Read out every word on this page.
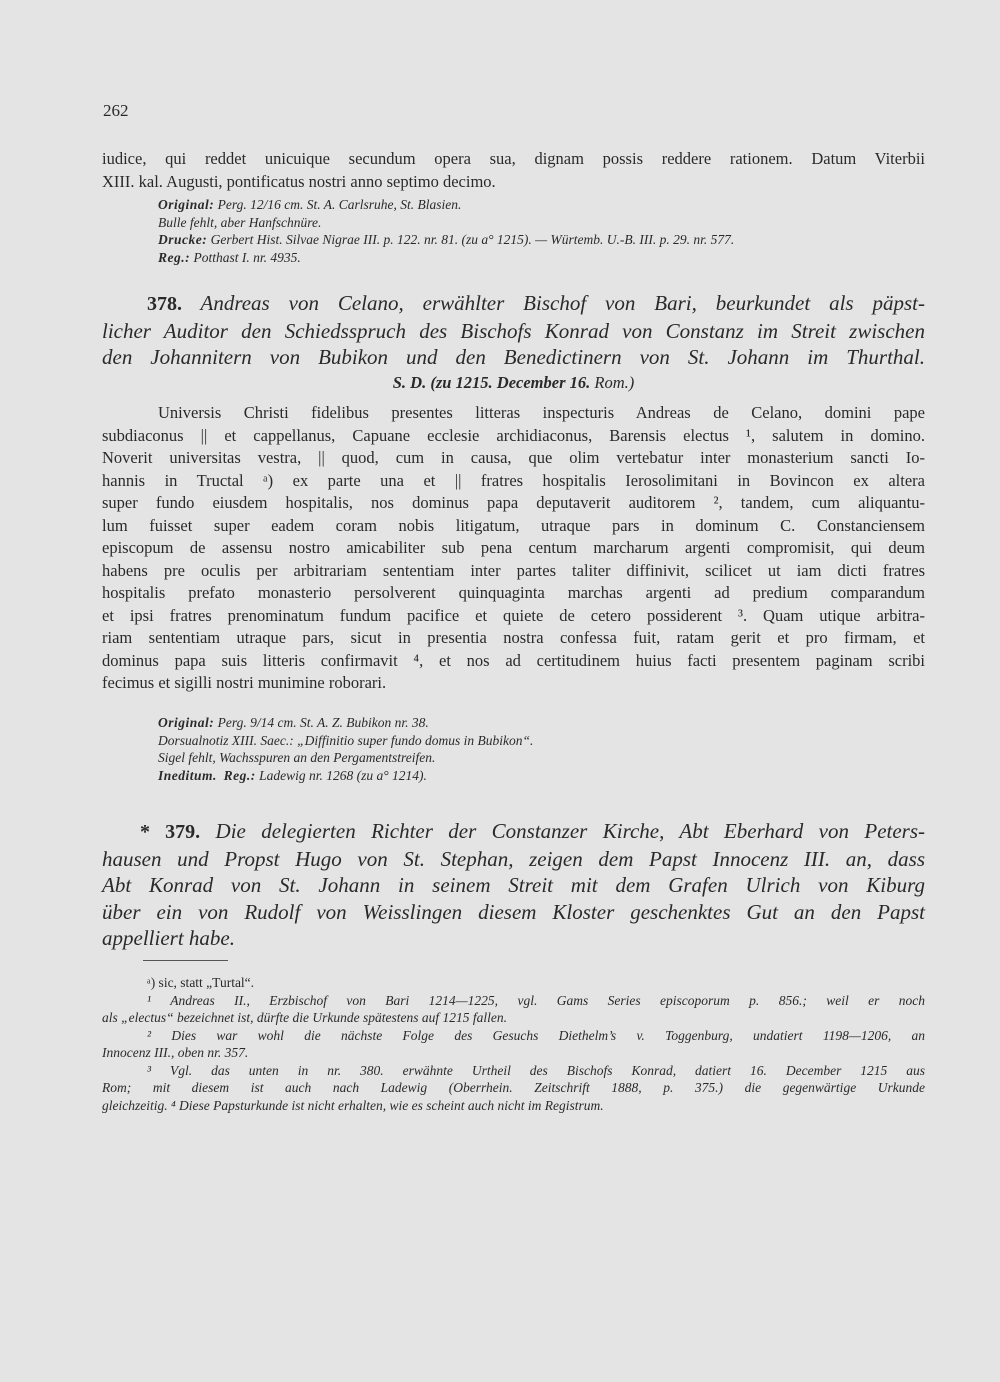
262
iudice, qui reddet unicuique secundum opera sua, dignam possis reddere rationem. Datum Viterbii
XIII. kal. Augusti, pontificatus nostri anno septimo decimo.
Original: Perg. 12/16 cm. St. A. Carlsruhe, St. Blasien.
Bulle fehlt, aber Hanfschnüre.
Drucke: Gerbert Hist. Silvae Nigrae III. p. 122. nr. 81. (zu a° 1215). — Würtemb. U.-B. III. p. 29. nr. 577.
Reg.: Potthast I. nr. 4935.
378. Andreas von Celano, erwählter Bischof von Bari, beurkundet als päpst-
licher Auditor den Schiedsspruch des Bischofs Konrad von Constanz im Streit zwischen
den Johannitern von Bubikon und den Benedictinern von St. Johann im Thurthal.
S. D. (zu 1215. December 16. Rom.)
Universis Christi fidelibus presentes litteras inspecturis Andreas de Celano, domini pape
subdiaconus || et cappellanus, Capuane ecclesie archidiaconus, Barensis electus ¹, salutem in domino.
Noverit universitas vestra, || quod, cum in causa, que olim vertebatur inter monasterium sancti Io-
hannis in Tructal ᵃ) ex parte una et || fratres hospitalis Ierosolimitani in Bovincon ex altera
super fundo eiusdem hospitalis, nos dominus papa deputaverit auditorem ², tandem, cum aliquantu-
lum fuisset super eadem coram nobis litigatum, utraque pars in dominum C. Constanciensem
episcopum de assensu nostro amicabiliter sub pena centum marcharum argenti compromisit, qui deum
habens pre oculis per arbitrariam sententiam inter partes taliter diffinivit, scilicet ut iam dicti fratres
hospitalis prefato monasterio persolverent quinquaginta marchas argenti ad predium comparandum
et ipsi fratres prenominatum fundum pacifice et quiete de cetero possiderent ³. Quam utique arbitra-
riam sententiam utraque pars, sicut in presentia nostra confessa fuit, ratam gerit et pro firmam, et
dominus papa suis litteris confirmavit ⁴, et nos ad certitudinem huius facti presentem paginam scribi
fecimus et sigilli nostri munimine roborari.
Original: Perg. 9/14 cm. St. A. Z. Bubikon nr. 38.
Dorsualnotiz XIII. Saec.: „Diffinitio super fundo domus in Bubikon“.
Sigel fehlt, Wachsspuren an den Pergamentstreifen.
Ineditum. Reg.: Ladewig nr. 1268 (zu a° 1214).
* 379. Die delegierten Richter der Constanzer Kirche, Abt Eberhard von Peters-
hausen und Propst Hugo von St. Stephan, zeigen dem Papst Innocenz III. an, dass
Abt Konrad von St. Johann in seinem Streit mit dem Grafen Ulrich von Kiburg
über ein von Rudolf von Weisslingen diesem Kloster geschenktes Gut an den Papst
appelliert habe.
ᵃ) sic, statt „Turtal“.
¹ Andreas II., Erzbischof von Bari 1214—1225, vgl. Gams Series episcoporum p. 856.; weil er noch
als „electus“ bezeichnet ist, dürfte die Urkunde spätestens auf 1215 fallen.
² Dies war wohl die nächste Folge des Gesuchs Diethelm’s v. Toggenburg, undatiert 1198—1206, an
Innocenz III., oben nr. 357.
³ Vgl. das unten in nr. 380. erwähnte Urtheil des Bischofs Konrad, datiert 16. December 1215 aus
Rom; mit diesem ist auch nach Ladewig (Oberrhein. Zeitschrift 1888, p. 375.) die gegenwärtige Urkunde
gleichzeitig. ⁴ Diese Papsturkunde ist nicht erhalten, wie es scheint auch nicht im Registrum.
